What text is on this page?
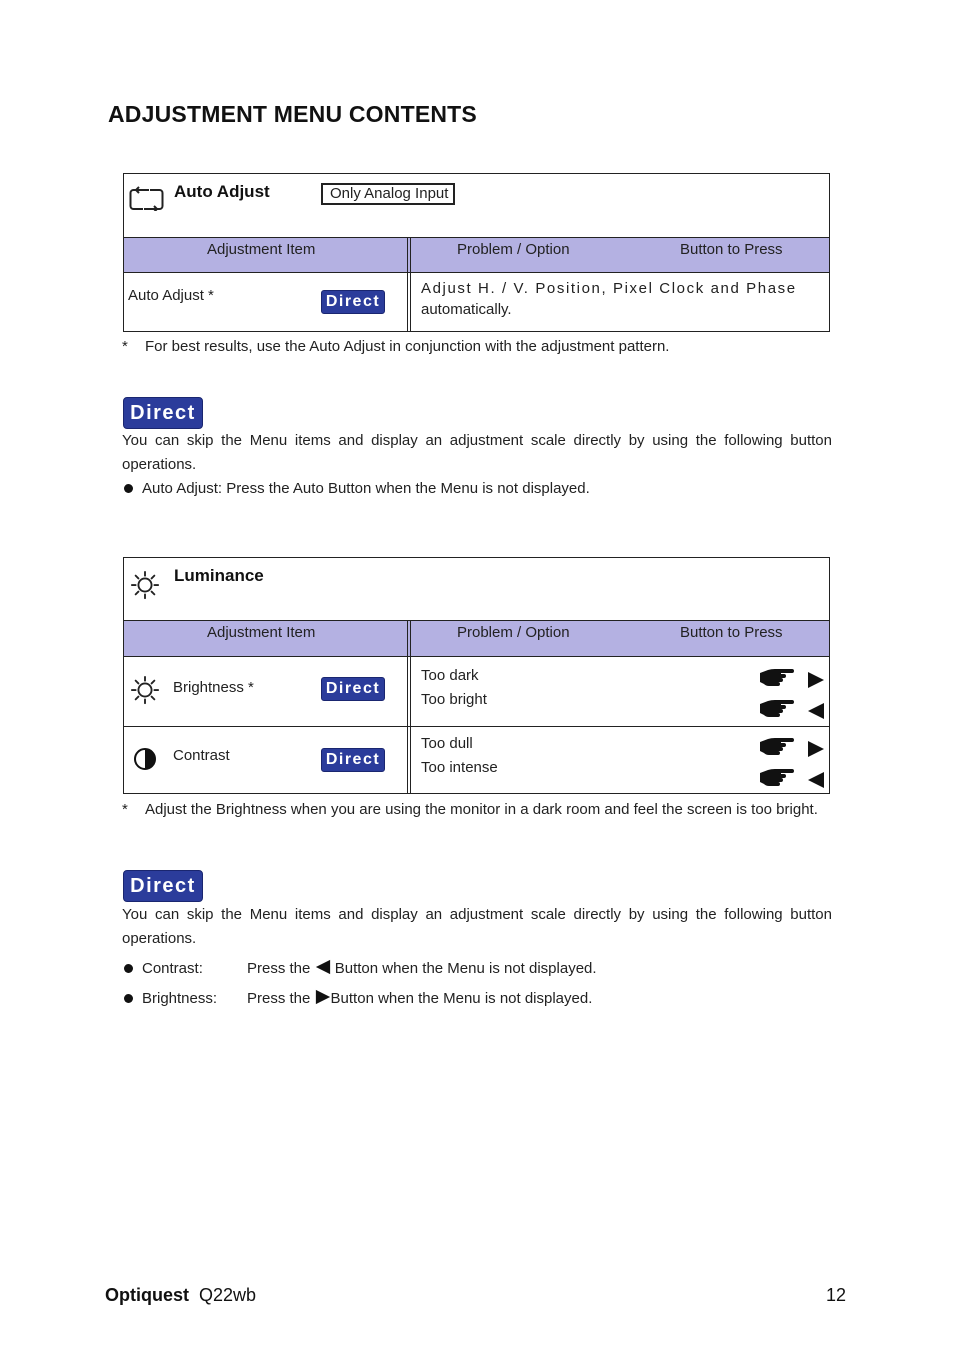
ADJUSTMENT MENU CONTENTS
Auto Adjust	Only Analog Input
Adjustment Item	Problem / Option	Button to Press
Auto Adjust *	Direct
Adjust H. / V. Position, Pixel Clock and Phase
automatically.
* For best results, use the Auto Adjust in conjunction with the adjustment pattern.
Direct
You can skip the Menu items and display an adjustment scale directly by using the following button operations.
Auto Adjust: Press the Auto Button when the Menu is not displayed.
Luminance
Adjustment Item	Problem / Option	Button to Press
Brightness *	Direct
Too dark
Too bright

Contrast	Direct
Too dull
Too intense

* Adjust the Brightness when you are using the monitor in a dark room and feel the screen is too bright.
Direct
You can skip the Menu items and display an adjustment scale directly by using the following button operations.
Contrast:	Press the Button when the Menu is not displayed.
Brightness: Press the Button when the Menu is not displayed.
Optiquest Q22wb	12
